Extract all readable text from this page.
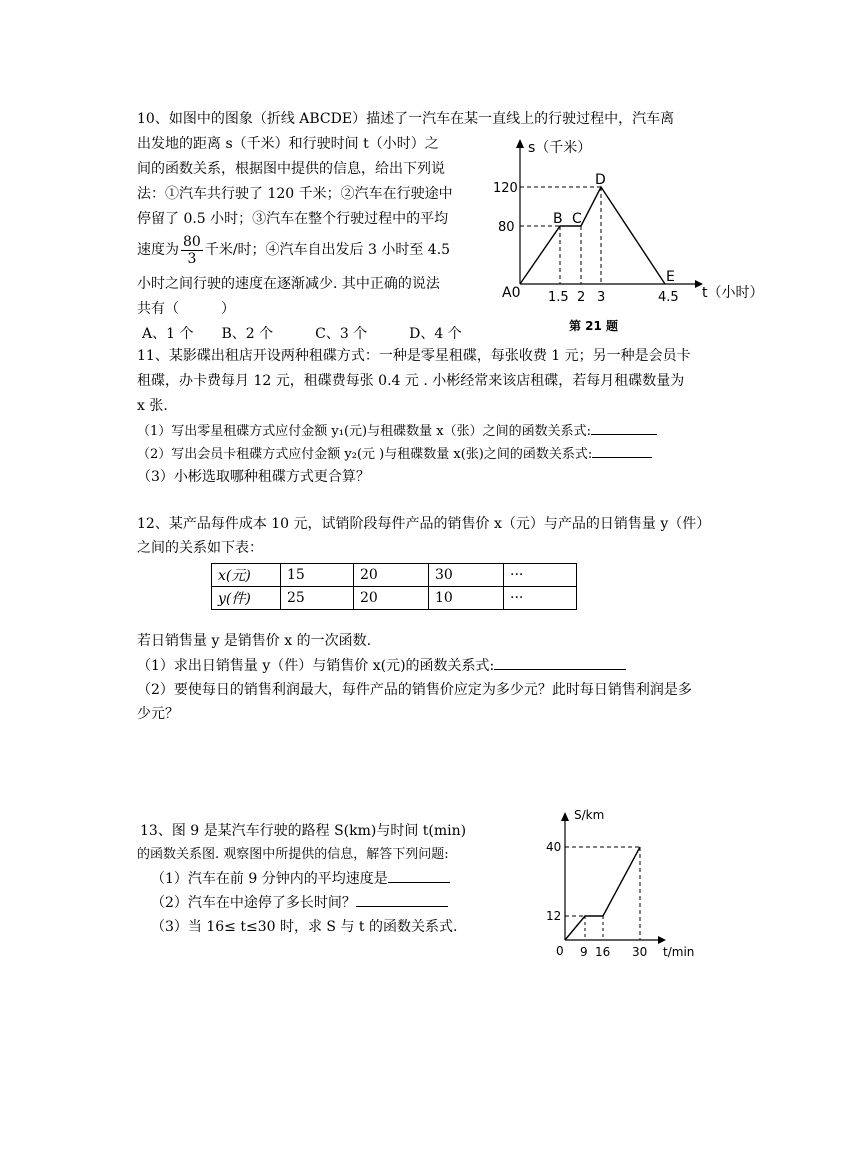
10、如图中的图象（折线 ABCDE）描述了一汽车在某一直线上的行驶过程中，汽车离
出发地的距离 s（千米）和行驶时间 t（小时）之
间的函数关系，根据图中提供的信息，给出下列说
法：①汽车共行驶了 120 千米；②汽车在行驶途中
停留了 0.5 小时；③汽车在整个行驶过程中的平均
速度为 $\frac{80}{3}$ 千米/时；④汽车自出发后 3 小时至 4.5
小时之间行驶的速度在逐渐减少. 其中正确的说法
共有（　　　）
A、1 个　　B、2 个　　　C、3 个　　　D、4 个
s（千米）
t（小时）
120
80
A0 1.5 2 3	4.5
B C
D
E
第 21 题
11、某影碟出租店开设两种租碟方式：一种是零星租碟，每张收费 1 元；另一种是会员卡
租碟，办卡费每月 12 元，租碟费每张 0.4 元 . 小彬经常来该店租碟，若每月租碟数量为
x 张.
（1）写出零星租碟方式应付金额 y₁(元)与租碟数量 x（张）之间的函数关系式:
（2）写出会员卡租碟方式应付金额 y₂(元 )与租碟数量 x(张)之间的函数关系式:
（3）小彬选取哪种租碟方式更合算？
12、某产品每件成本 10 元，试销阶段每件产品的销售价 x（元）与产品的日销售量 y（件）
之间的关系如下表：
x(元)	15	20	30	···
y(件)	25	20	10	···
若日销售量 y 是销售价 x 的一次函数.
（1）求出日销售量 y（件）与销售价 x(元)的函数关系式:
（2）要使每日的销售利润最大，每件产品的销售价应定为多少元？此时每日销售利润是多
少元？
13、图 9 是某汽车行驶的路程 S(km)与时间 t(min)
的函数关系图. 观察图中所提供的信息，解答下列问题:
（1）汽车在前 9 分钟内的平均速度是
（2）汽车在中途停了多长时间？
（3）当 16≤ t≤30 时，求 S 与 t 的函数关系式.
S/km
t/min
40
12
0 9 16 30
